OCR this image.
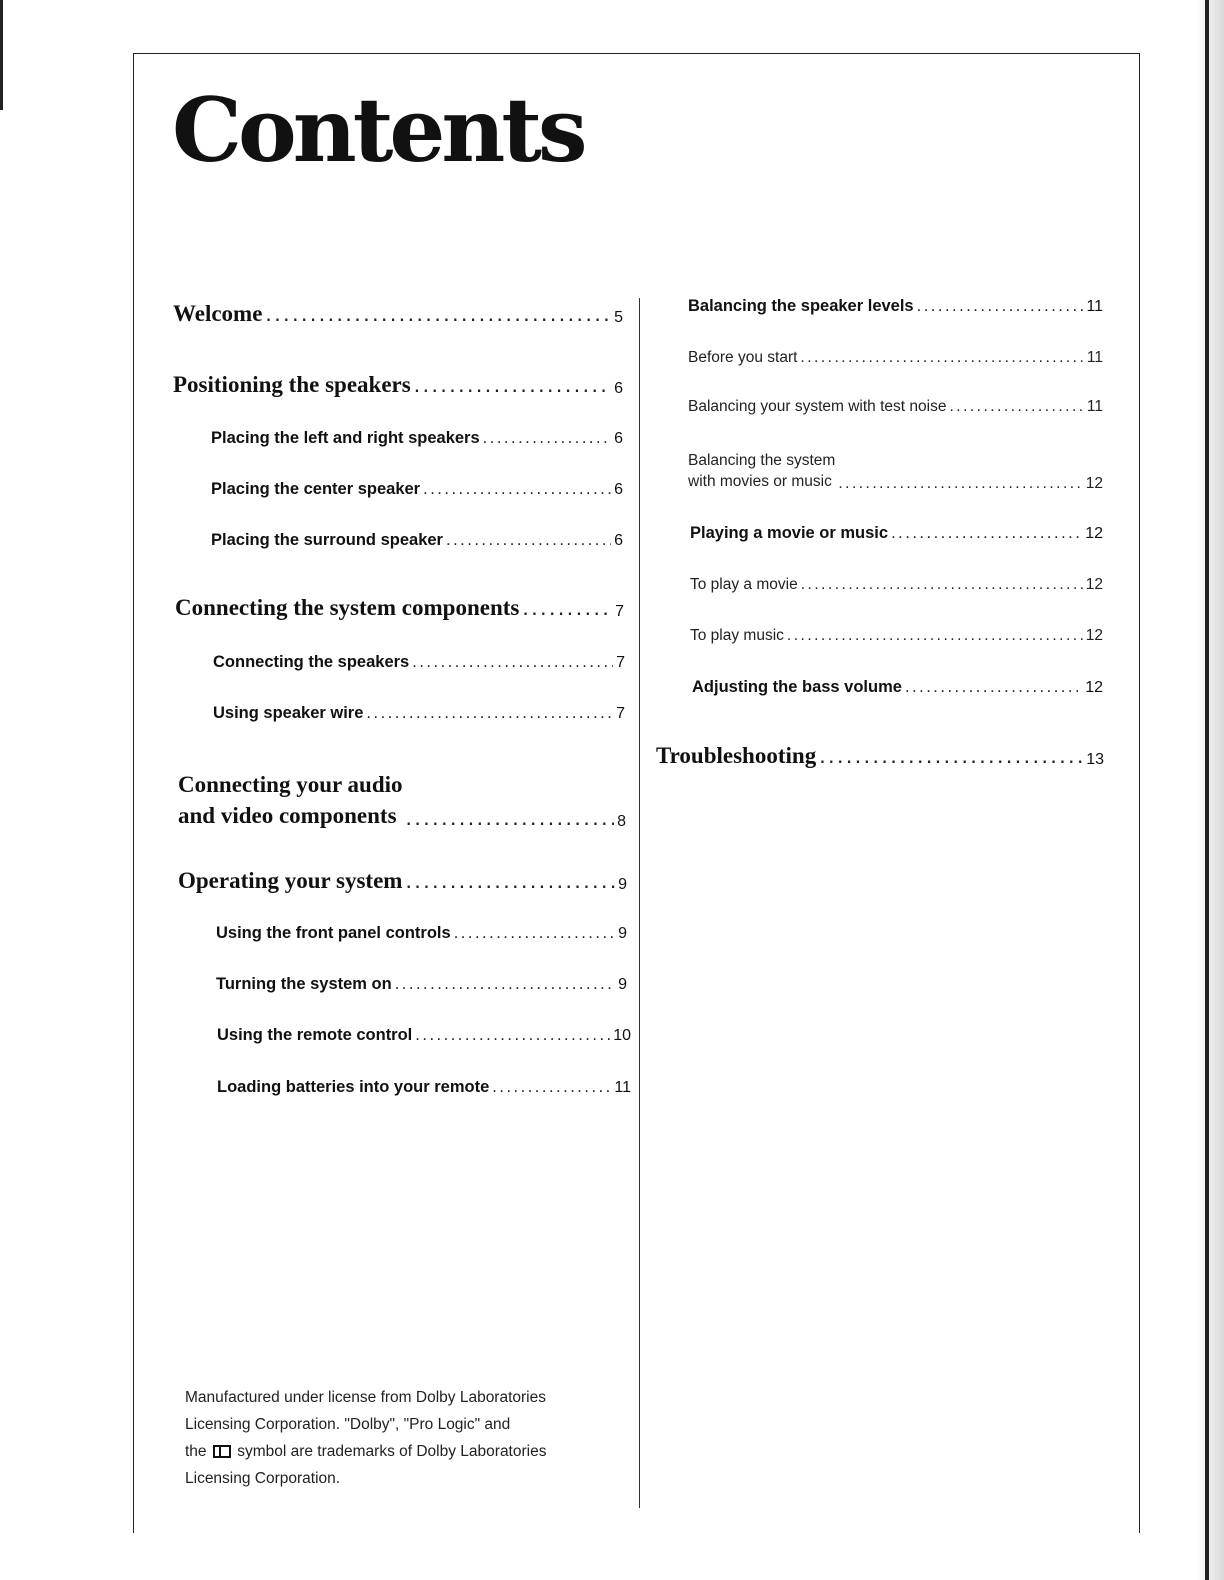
Contents
Welcome .....	5
Positioning the speakers .....	6
Placing the left and right speakers .....	6
Placing the center speaker .....	6
Placing the surround speaker .....	6
Connecting the system components .....	7
Connecting the speakers .....	7
Using speaker wire .....	7
Connecting your audio
and video components .....	8
Operating your system .....	9
Using the front panel controls .....	9
Turning the system on .....	9
Using the remote control .....	10
Loading batteries into your remote .....	11
Balancing the speaker levels .....	11
Before you start .....	11
Balancing your system with test noise .....	11
Balancing the system
with movies or music .....	12
Playing a movie or music .....	12
To play a movie .....	12
To play music .....	12
Adjusting the bass volume .....	12
Troubleshooting .....	13

Manufactured under license from Dolby Laboratories
Licensing Corporation. "Dolby", "Pro Logic" and
the symbol are trademarks of Dolby Laboratories
Licensing Corporation.
